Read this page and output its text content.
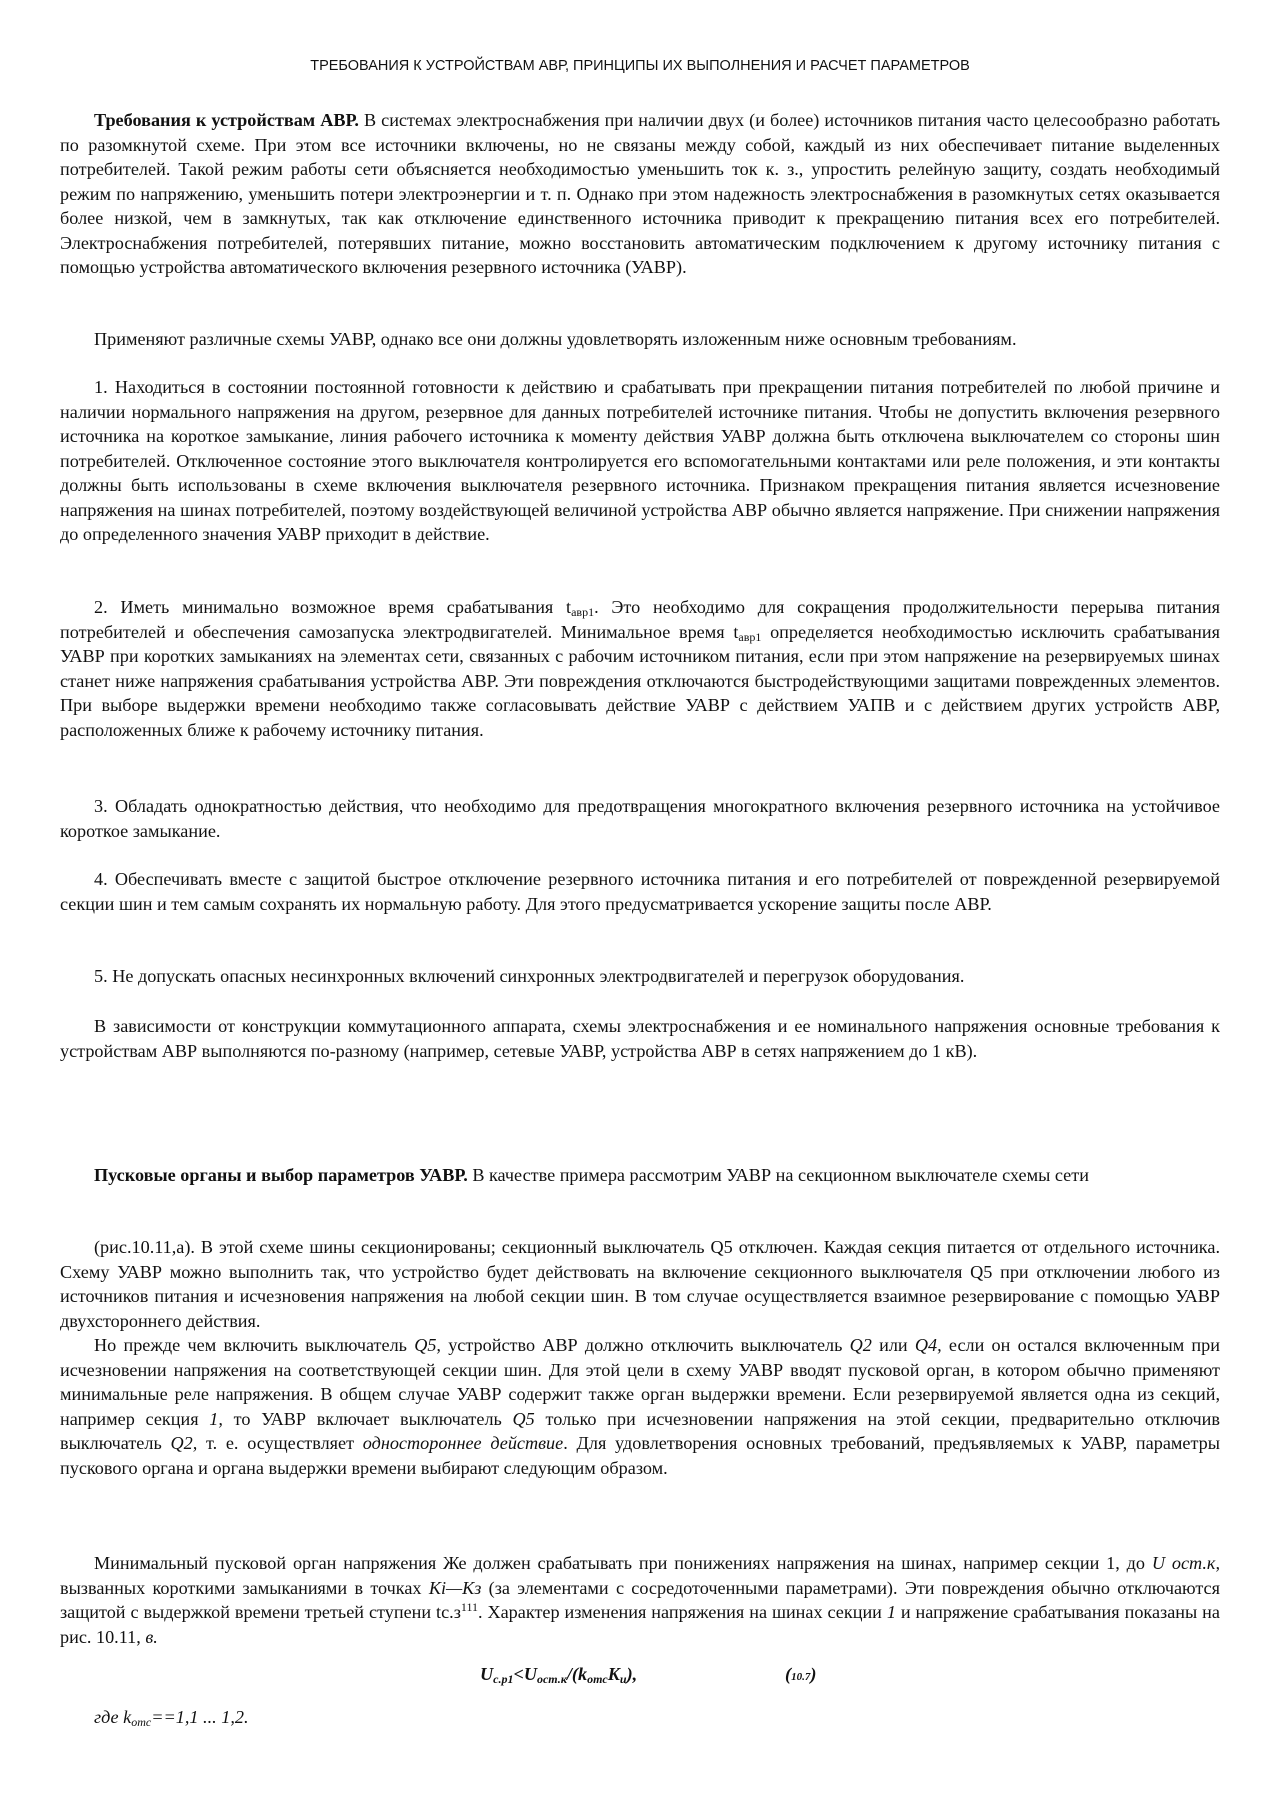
ТРЕБОВАНИЯ К УСТРОЙСТВАМ АВР, ПРИНЦИПЫ ИХ ВЫПОЛНЕНИЯ И РАСЧЕТ ПАРАМЕТРОВ

Требования к устройствам АВР. В системах электроснабжения при наличии двух (и более) источников питания часто целесообразно работать по разомкнутой схеме. При этом все источники включены, но не связаны между собой, каждый из них обеспечивает питание выделенных потребителей. Такой режим работы сети объясняется необходимостью уменьшить ток к. з., упростить релейную защиту, создать необходимый режим по напряжению, уменьшить потери электроэнергии и т. п. Однако при этом надежность электроснабжения в разомкнутых сетях оказывается более низкой, чем в замкнутых, так как отключение единственного источника приводит к прекращению питания всех его потребителей. Электроснабжения потребителей, потерявших питание, можно восстановить автоматическим подключением к другому источнику питания с помощью устройства автоматического включения резервного источника (УАВР).

Применяют различные схемы УАВР, однако все они должны удовлетворять изложенным ниже основным требованиям.

1. Находиться в состоянии постоянной готовности к действию и срабатывать при прекращении питания потребителей по любой причине и наличии нормального напряжения на другом, резервное для данных потребителей источнике питания. Чтобы не допустить включения резервного источника на короткое замыкание, линия рабочего источника к моменту действия УАВР должна быть отключена выключателем со стороны шин потребителей. Отключенное состояние этого выключателя контролируется его вспомогательными контактами или реле положения, и эти контакты должны быть использованы в схеме включения выключателя резервного источника. Признаком прекращения питания является исчезновение напряжения на шинах потребителей, поэтому воздействующей величиной устройства АВР обычно является напряжение. При снижении напряжения до определенного значения УАВР приходит в действие.

2. Иметь минимально возможное время срабатывания $t_{авр1}$. Это необходимо для сокращения продолжительности перерыва питания потребителей и обеспечения самозапуска электродвигателей. Минимальное время $t_{авр1}$ определяется необходимостью исключить срабатывания УАВР при коротких замыканиях на элементах сети, связанных с рабочим источником питания, если при этом напряжение на резервируемых шинах станет ниже напряжения срабатывания устройства АВР. Эти повреждения отключаются быстродействующими защитами поврежденных элементов. При выборе выдержки времени необходимо также согласовывать действие УАВР с действием УАПВ и с действием других устройств АВР, расположенных ближе к рабочему источнику питания.

3. Обладать однократностью действия, что необходимо для предотвращения многократного включения резервного источника на устойчивое короткое замыкание.

4. Обеспечивать вместе с защитой быстрое отключение резервного источника питания и его потребителей от поврежденной резервируемой секции шин и тем самым сохранять их нормальную работу. Для этого предусматривается ускорение защиты после АВР.

5. Не допускать опасных несинхронных включений синхронных электродвигателей и перегрузок оборудования.

В зависимости от конструкции коммутационного аппарата, схемы электроснабжения и ее номинального напряжения основные требования к устройствам АВР выполняются по-разному (например, сетевые УАВР, устройства АВР в сетях напряжением до 1 кВ).

Пусковые органы и выбор параметров УАВР. В качестве примера рассмотрим УАВР на секционном выключателе схемы сети

(рис.10.11,а). В этой схеме шины секционированы; секционный выключатель Q5 отключен. Каждая секция питается от отдельного источника. Схему УАВР можно выполнить так, что устройство будет действовать на включение секционного выключателя Q5 при отключении любого из источников питания и исчезновения напряжения на любой секции шин. В том случае осуществляется взаимное резервирование с помощью УАВР двухстороннего действия.

Но прежде чем включить выключатель Q5, устройство АВР должно отключить выключатель Q2 или Q4, если он остался включенным при исчезновении напряжения на соответствующей секции шин. Для этой цели в схему УАВР вводят пусковой орган, в котором обычно применяют минимальные реле напряжения. В общем случае УАВР содержит также орган выдержки времени. Если резервируемой является одна из секций, например секция 1, то УАВР включает выключатель Q5 только при исчезновении напряжения на этой секции, предварительно отключив выключатель Q2, т. е. осуществляет одностороннее действие. Для удовлетворения основных требований, предъявляемых к УАВР, параметры пускового органа и органа выдержки времени выбирают следующим образом.

Минимальный пусковой орган напряжения Же должен срабатывать при понижениях напряжения на шинах, например секции 1, до U ост.к, вызванных короткими замыканиями в точках Ki—Кз (за элементами с сосредоточенными параметрами). Эти повреждения обычно отключаются защитой с выдержкой времени третьей ступени $tc.з^{111}$. Характер изменения напряжения на шинах секции 1 и напряжение срабатывания показаны на рис. 10.11, в.

$U_{с.р1}<U_{ост.к}/(k_{отс}K_и)$,	(10.7)
где $k_{отс}==1,1$ ... 1,2.
